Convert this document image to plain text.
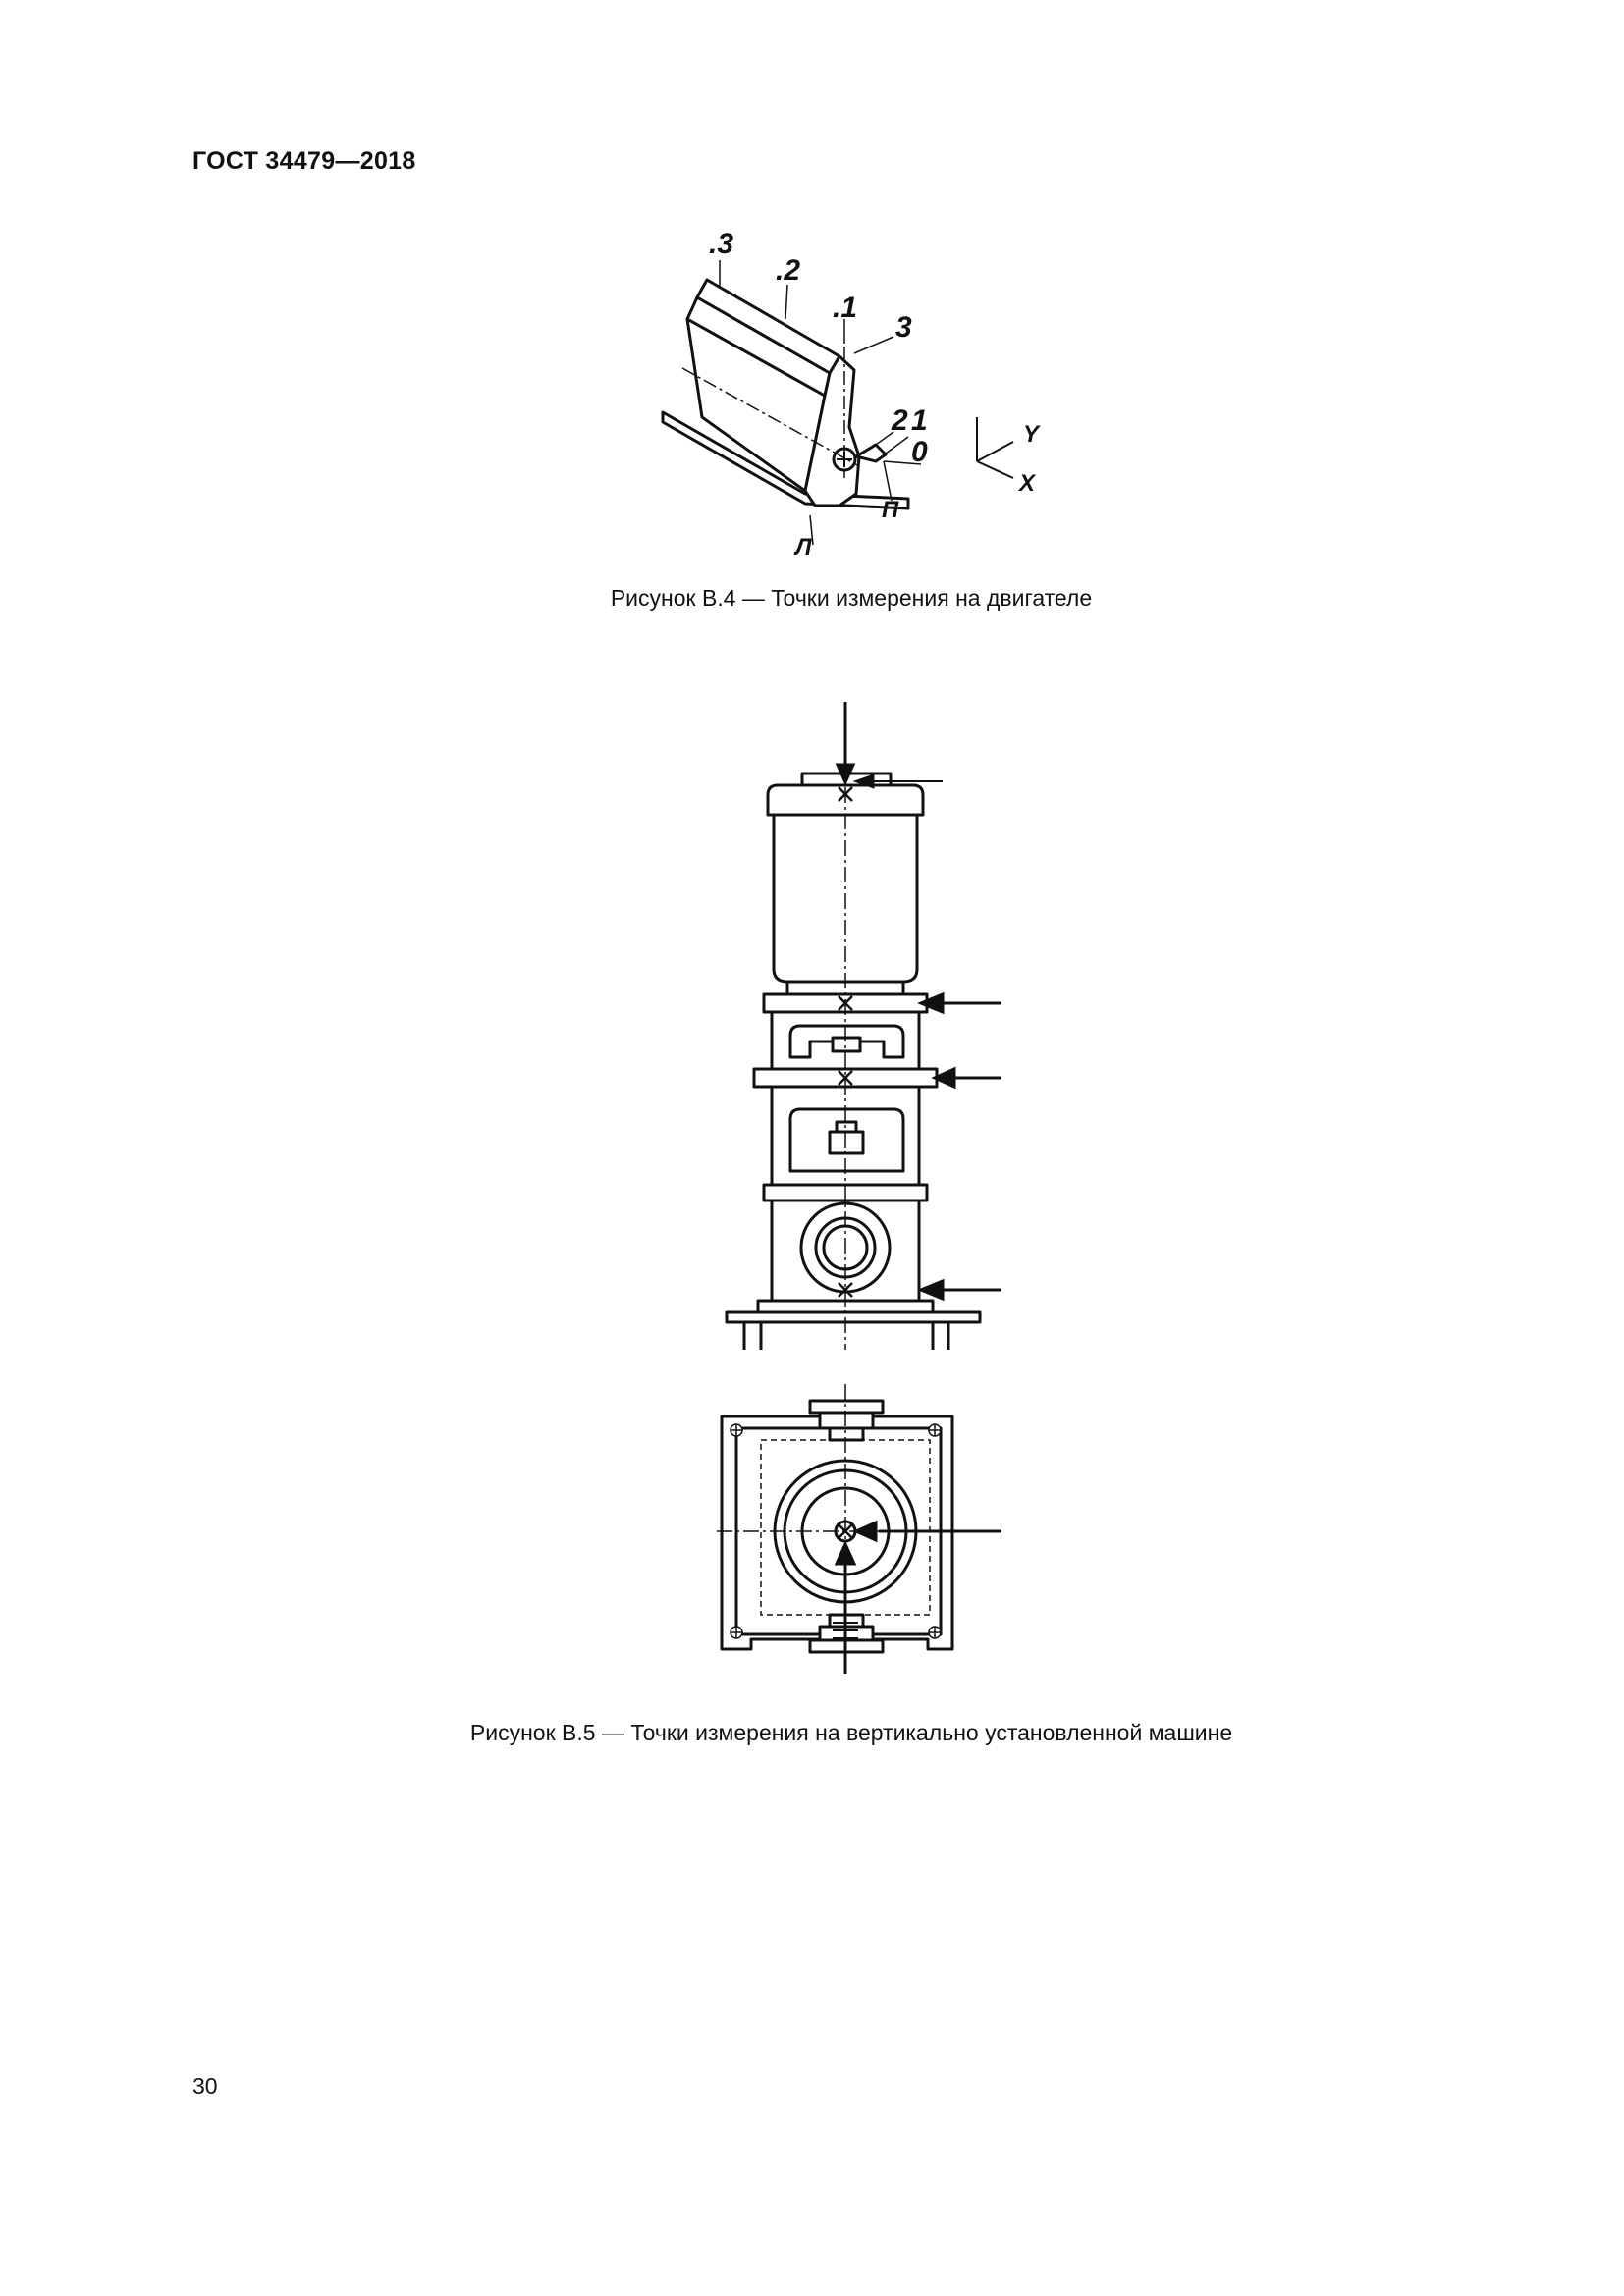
ГОСТ 34479—2018
.3
.2
.1
3
2 1
0
П
Л
Y
X
Рисунок В.4 — Точки измерения на двигателе
Рисунок В.5 — Точки измерения на вертикально установленной машине
30
